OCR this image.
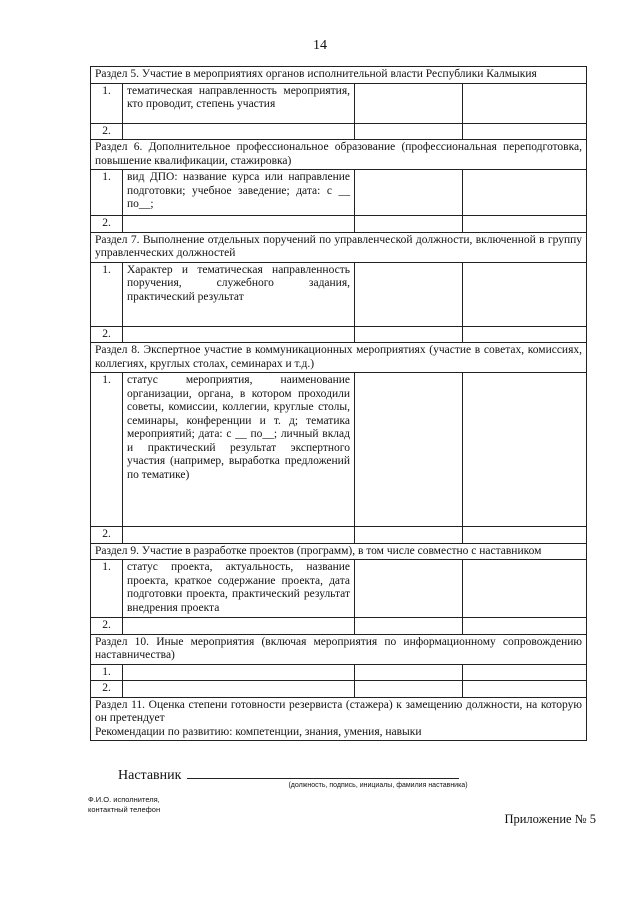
14
Раздел 5. Участие в мероприятиях органов исполнительной власти Республики Калмыкия			
1.	тематическая направленность мероприятия, кто проводит, степень участия		
2.			
Раздел 6. Дополнительное профессиональное образование (профессиональная переподготовка, повышение квалификации, стажировка)			
1.	вид ДПО: название курса или направление подготовки; учебное заведение; дата: с __ по__;		
2.			
Раздел 7. Выполнение отдельных поручений по управленческой должности, включенной в группу управленческих должностей			
1.	Характер и тематическая направленность поручения, служебного задания, практический результат		
2.			
Раздел 8. Экспертное участие в коммуникационных мероприятиях (участие в советах, комиссиях, коллегиях, круглых столах, семинарах и т.д.)			
1.	статус мероприятия, наименование организации, органа, в котором проходили советы, комиссии, коллегии, круглые столы, семинары, конференции и т. д; тематика мероприятий; дата: с __ по__; личный вклад и практический результат экспертного участия (например, выработка предложений по тематике)		
2.			
Раздел 9. Участие в разработке проектов (программ), в том числе совместно с наставником			
1.	статус проекта, актуальность, название проекта, краткое содержание проекта, дата подготовки проекта, практический результат внедрения проекта		
2.			
Раздел 10. Иные мероприятия (включая мероприятия по информационному сопровождению наставничества)			
1.			
2.			

Раздел 11. Оценка степени готовности резервиста (стажера) к замещению должности, на которую он претендует
Рекомендации по развитию: компетенции, знания, умения, навыки			
Наставник
(должность, подпись, инициалы, фамилия наставника)
Ф.И.О. исполнителя,
контактный телефон
Приложение № 5
